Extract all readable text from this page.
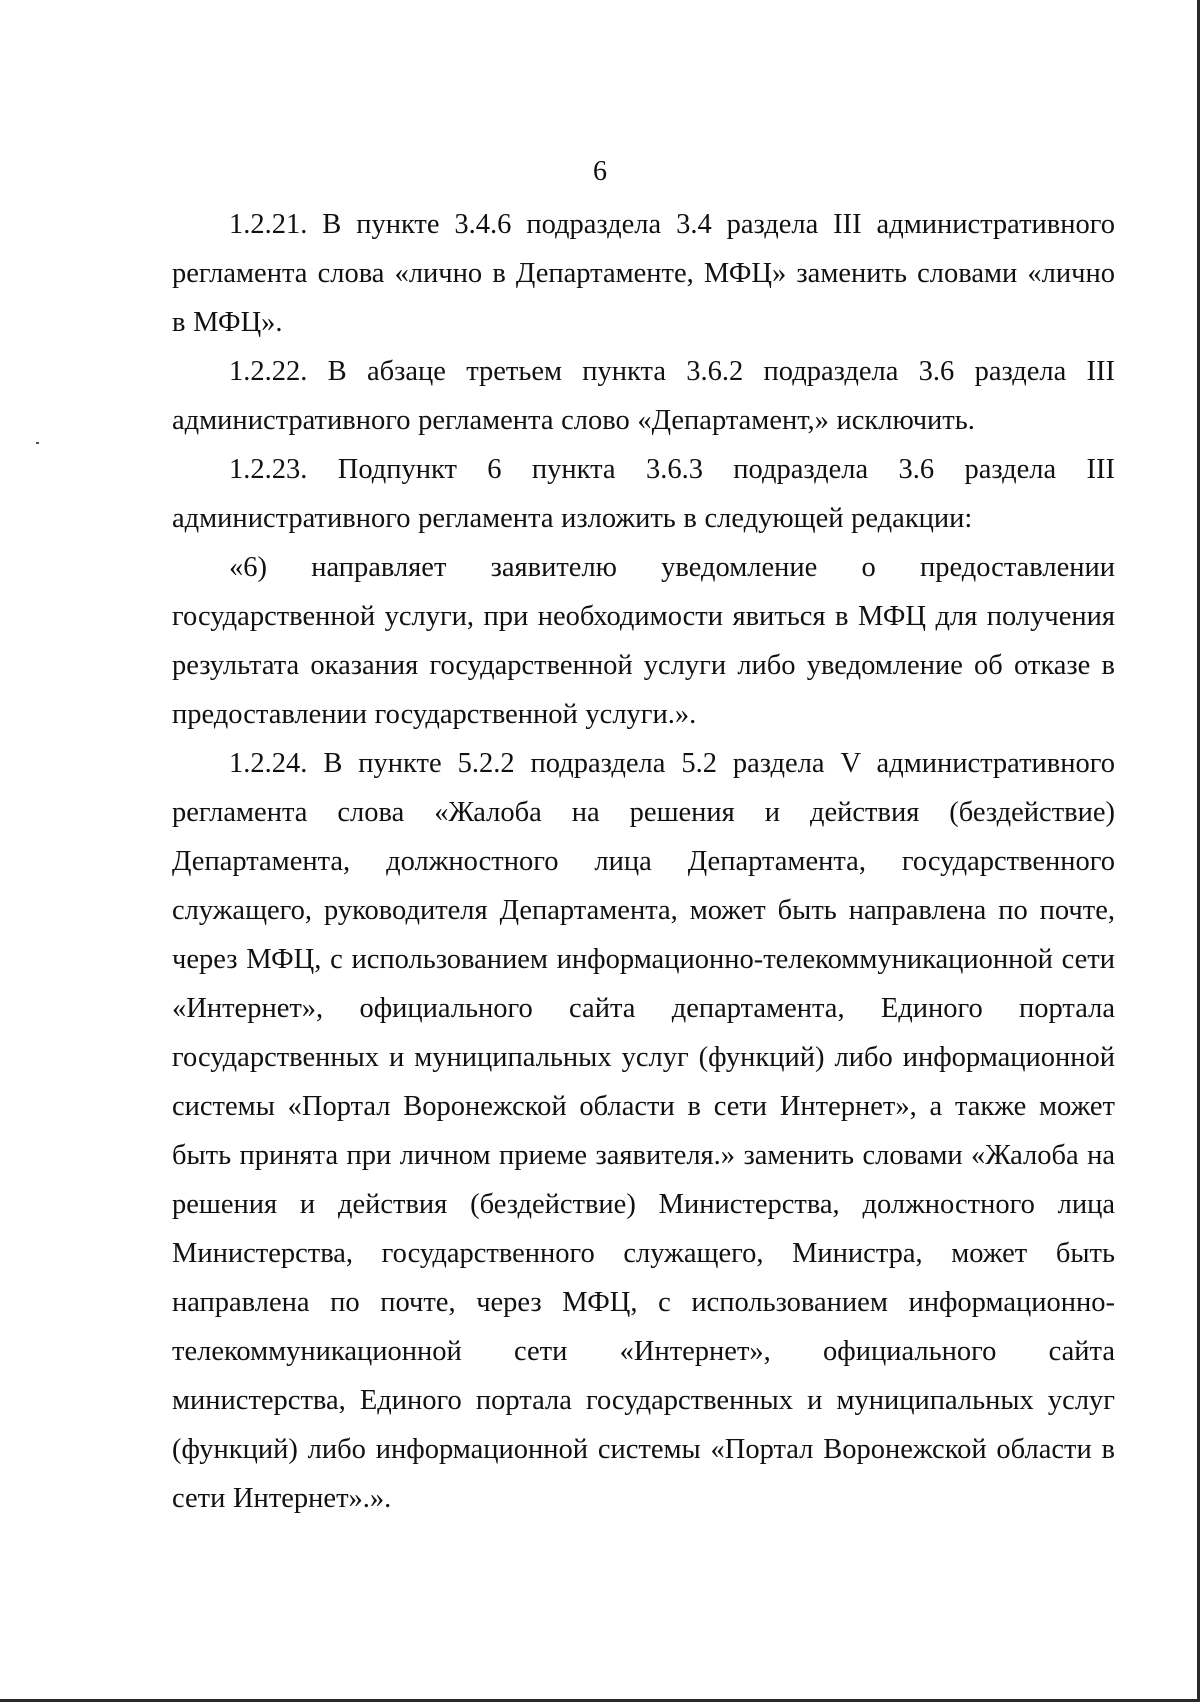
6

1.2.21. В пункте 3.4.6 подраздела 3.4 раздела III административного регламента слова «лично в Департаменте, МФЦ» заменить словами «лично в МФЦ».

1.2.22. В абзаце третьем пункта 3.6.2 подраздела 3.6 раздела III административного регламента слово «Департамент,» исключить.

1.2.23. Подпункт 6 пункта 3.6.3 подраздела 3.6 раздела III административного регламента изложить в следующей редакции:

«6) направляет заявителю уведомление о предоставлении государственной услуги, при необходимости явиться в МФЦ для получения результата оказания государственной услуги либо уведомление об отказе в предоставлении государственной услуги.».

1.2.24. В пункте 5.2.2 подраздела 5.2 раздела V административного регламента слова «Жалоба на решения и действия (бездействие) Департамента, должностного лица Департамента, государственного служащего, руководителя Департамента, может быть направлена по почте, через МФЦ, с использованием информационно-телекоммуникационной сети «Интернет», официального сайта департамента, Единого портала государственных и муниципальных услуг (функций) либо информационной системы «Портал Воронежской области в сети Интернет», а также может быть принята при личном приеме заявителя.» заменить словами «Жалоба на решения и действия (бездействие) Министерства, должностного лица Министерства, государственного служащего, Министра, может быть направлена по почте, через МФЦ, с использованием информационно-телекоммуникационной сети «Интернет», официального сайта министерства, Единого портала государственных и муниципальных услуг (функций) либо информационной системы «Портал Воронежской области в сети Интернет».».
